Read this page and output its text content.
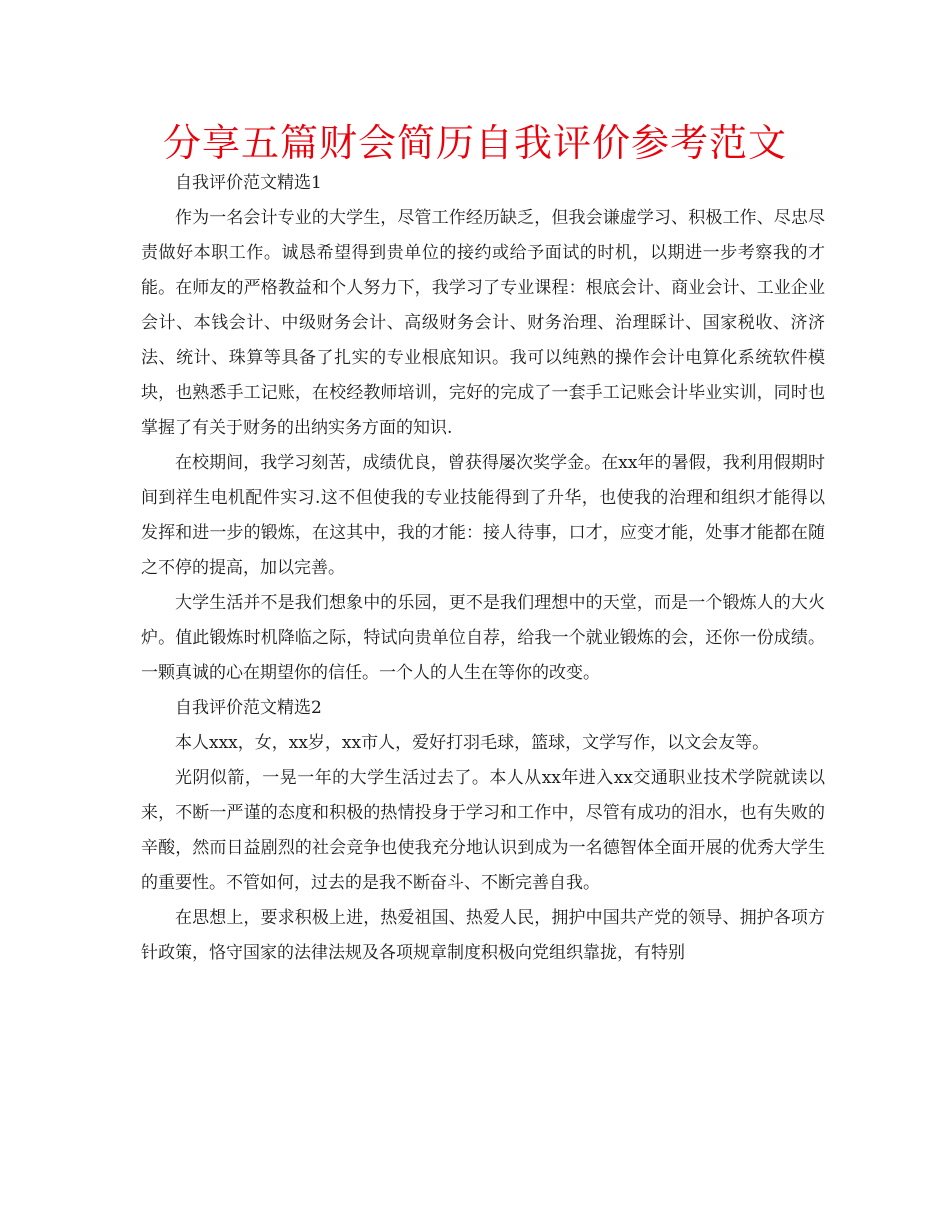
分享五篇财会简历自我评价参考范文

自我评价范文精选1

作为一名会计专业的大学生，尽管工作经历缺乏，但我会谦虚学习、积极工作、尽忠尽责做好本职工作。诚恳希望得到贵单位的接约或给予面试的时机，以期进一步考察我的才能。在师友的严格教益和个人努力下，我学习了专业课程：根底会计、商业会计、工业企业会计、本钱会计、中级财务会计、高级财务会计、财务治理、治理睬计、国家税收、济济法、统计、珠算等具备了扎实的专业根底知识。我可以纯熟的操作会计电算化系统软件模块，也熟悉手工记账，在校经教师培训，完好的完成了一套手工记账会计毕业实训，同时也掌握了有关于财务的出纳实务方面的知识.

在校期间，我学习刻苦，成绩优良，曾获得屡次奖学金。在xx年的暑假，我利用假期时间到祥生电机配件实习.这不但使我的专业技能得到了升华，也使我的治理和组织才能得以发挥和进一步的锻炼，在这其中，我的才能：接人待事，口才，应变才能，处事才能都在随之不停的提高，加以完善。

大学生活并不是我们想象中的乐园，更不是我们理想中的天堂，而是一个锻炼人的大火炉。值此锻炼时机降临之际，特试向贵单位自荐，给我一个就业锻炼的会，还你一份成绩。一颗真诚的心在期望你的信任。一个人的人生在等你的改变。

自我评价范文精选2

本人xxx，女，xx岁，xx市人，爱好打羽毛球，篮球，文学写作，以文会友等。

光阴似箭，一晃一年的大学生活过去了。本人从xx年进入xx交通职业技术学院就读以来，不断一严谨的态度和积极的热情投身于学习和工作中，尽管有成功的泪水，也有失败的辛酸，然而日益剧烈的社会竞争也使我充分地认识到成为一名德智体全面开展的优秀大学生的重要性。不管如何，过去的是我不断奋斗、不断完善自我。

在思想上，要求积极上进，热爱祖国、热爱人民，拥护中国共产党的领导、拥护各项方针政策，恪守国家的法律法规及各项规章制度积极向党组织靠拢，有特别
